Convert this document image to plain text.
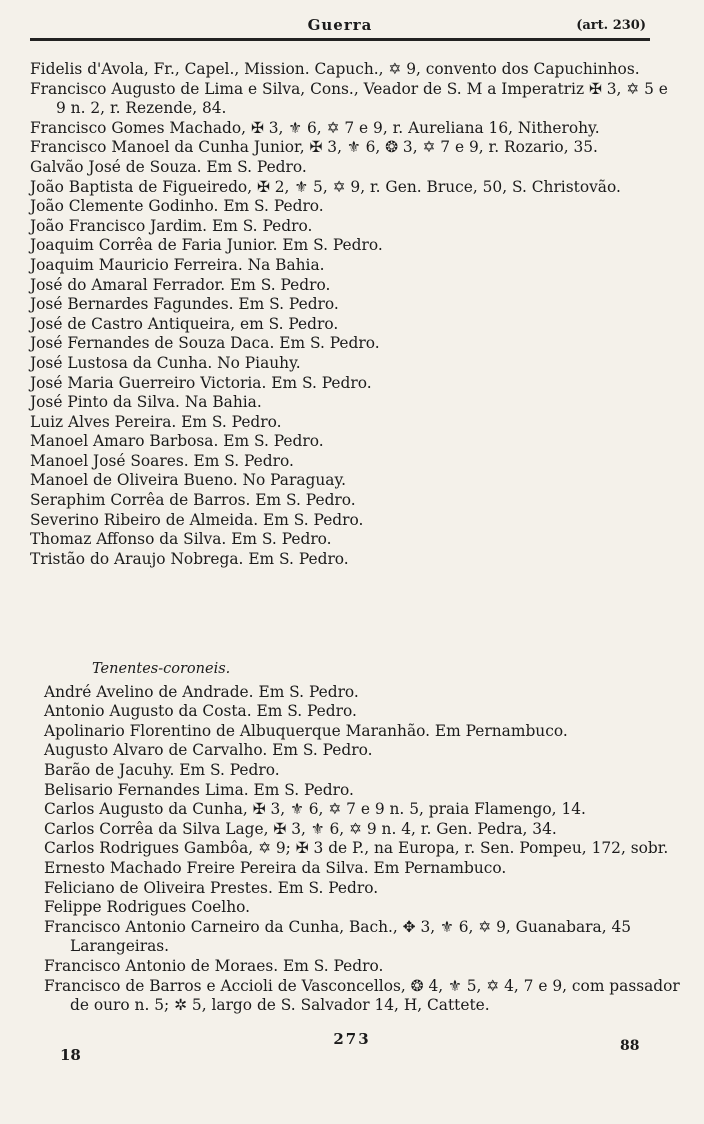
Guerra	(art. 230)

Fidelis d'Avola, Fr., Capel., Mission. Capuch., ✡ 9, convento dos Capuchinhos.

Francisco Augusto de Lima e Silva, Cons., Veador de S. M a Imperatriz ✠ 3, ✡ 5 e 9 n. 2, r. Rezende, 84.

Francisco Gomes Machado, ✠ 3, ⚜ 6, ✡ 7 e 9, r. Aureliana 16, Nitherohy.

Francisco Manoel da Cunha Junior, ✠ 3, ⚜ 6, ❂ 3, ✡ 7 e 9, r. Rozario, 35.

Galvão José de Souza. Em S. Pedro.

João Baptista de Figueiredo, ✠ 2, ⚜ 5, ✡ 9, r. Gen. Bruce, 50, S. Christovão.

João Clemente Godinho. Em S. Pedro.

João Francisco Jardim. Em S. Pedro.

Joaquim Corrêa de Faria Junior. Em S. Pedro.

Joaquim Mauricio Ferreira. Na Bahia.

José do Amaral Ferrador. Em S. Pedro.

José Bernardes Fagundes. Em S. Pedro.

José de Castro Antiqueira, em S. Pedro.

José Fernandes de Souza Daca. Em S. Pedro.

José Lustosa da Cunha. No Piauhy.

José Maria Guerreiro Victoria. Em S. Pedro.

José Pinto da Silva. Na Bahia.

Luiz Alves Pereira. Em S. Pedro.

Manoel Amaro Barbosa. Em S. Pedro.

Manoel José Soares. Em S. Pedro.

Manoel de Oliveira Bueno. No Paraguay.

Seraphim Corrêa de Barros. Em S. Pedro.

Severino Ribeiro de Almeida. Em S. Pedro.

Thomaz Affonso da Silva. Em S. Pedro.

Tristão do Araujo Nobrega. Em S. Pedro.

Tenentes-coroneis.

André Avelino de Andrade. Em S. Pedro.

Antonio Augusto da Costa. Em S. Pedro.

Apolinario Florentino de Albuquerque Maranhão. Em Pernambuco.

Augusto Alvaro de Carvalho. Em S. Pedro.

Barão de Jacuhy. Em S. Pedro.

Belisario Fernandes Lima. Em S. Pedro.

Carlos Augusto da Cunha, ✠ 3, ⚜ 6, ✡ 7 e 9 n. 5, praia Flamengo, 14.

Carlos Corrêa da Silva Lage, ✠ 3, ⚜ 6, ✡ 9 n. 4, r. Gen. Pedra, 34.

Carlos Rodrigues Gambôa, ✡ 9; ✠ 3 de P., na Europa, r. Sen. Pompeu, 172, sobr.

Ernesto Machado Freire Pereira da Silva. Em Pernambuco.

Feliciano de Oliveira Prestes. Em S. Pedro.

Felippe Rodrigues Coelho.

Francisco Antonio Carneiro da Cunha, Bach., ✥ 3, ⚜ 6, ✡ 9, Guanabara, 45 Larangeiras.

Francisco Antonio de Moraes. Em S. Pedro.

Francisco de Barros e Accioli de Vasconcellos, ❂ 4, ⚜ 5, ✡ 4, 7 e 9, com passador de ouro n. 5; ✲ 5, largo de S. Salvador 14, H, Cattete.

18
273	88
